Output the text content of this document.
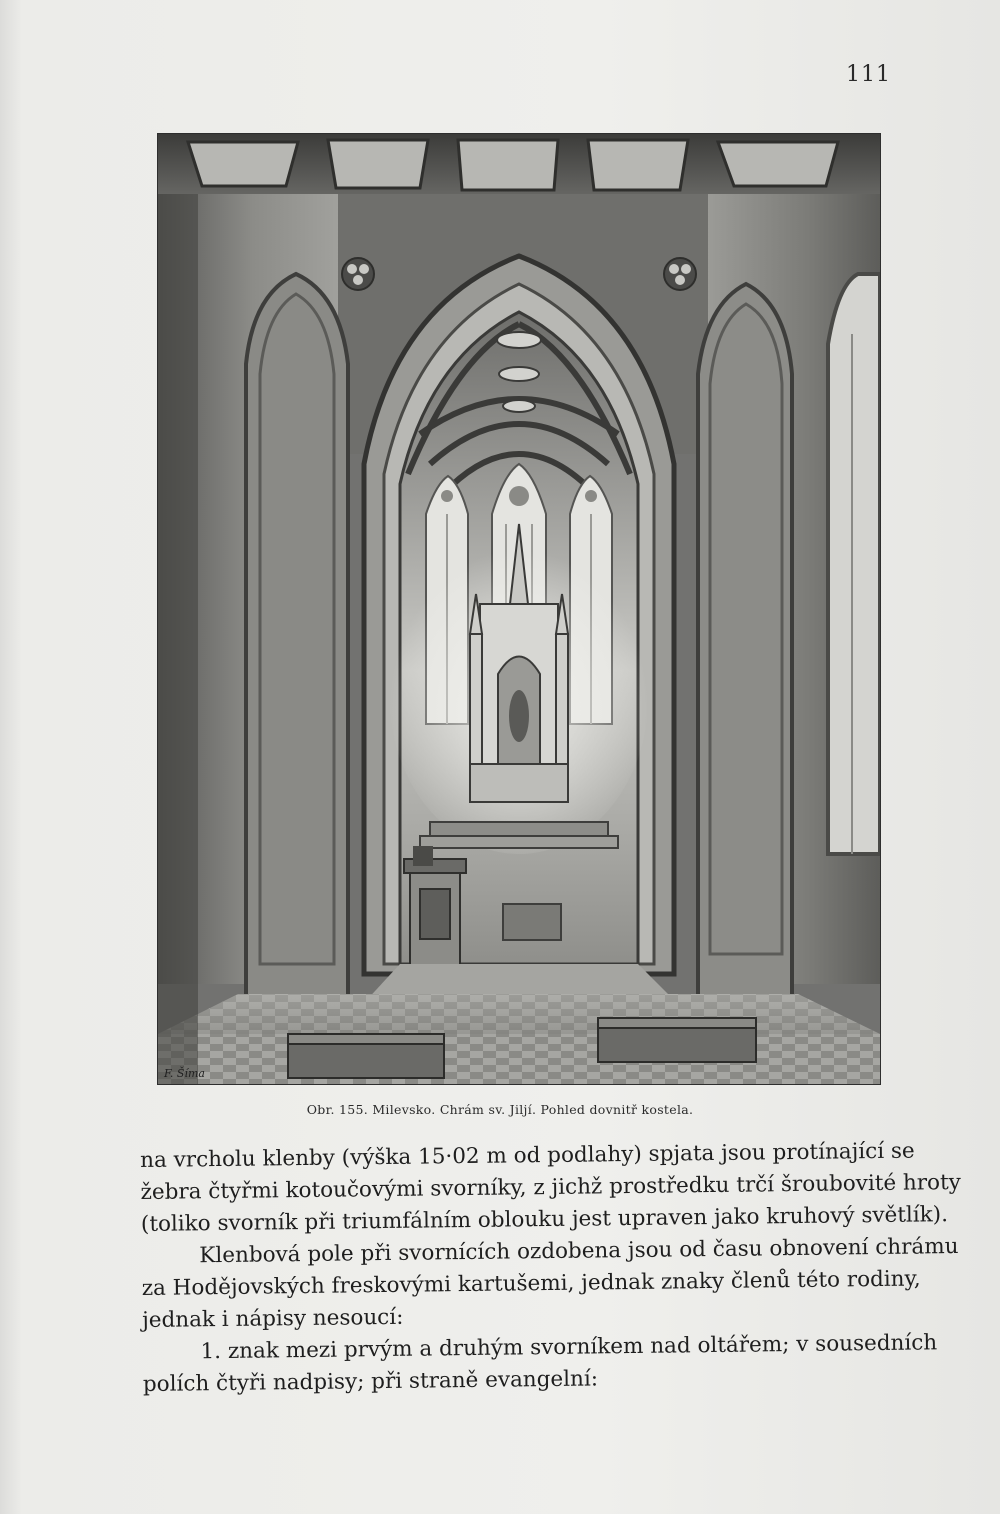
111
F. Šíma
Obr. 155. Milevsko. Chrám sv. Jiljí. Pohled dovnitř kostela.
na vrcholu klenby (výška 15·02 m od podlahy) spjata jsou protínající se
žebra čtyřmi kotoučovými svorníky, z jichž prostředku trčí šroubovité hroty
(toliko svorník při triumfálním oblouku jest upraven jako kruhový světlík).
Klenbová pole při svornících ozdobena jsou od času obnovení chrámu
za Hodějovských freskovými kartušemi, jednak znaky členů této rodiny,
jednak i nápisy nesoucí:
1. znak mezi prvým a druhým svorníkem nad oltářem; v sousedních
polích čtyři nadpisy; při straně evangelní:
